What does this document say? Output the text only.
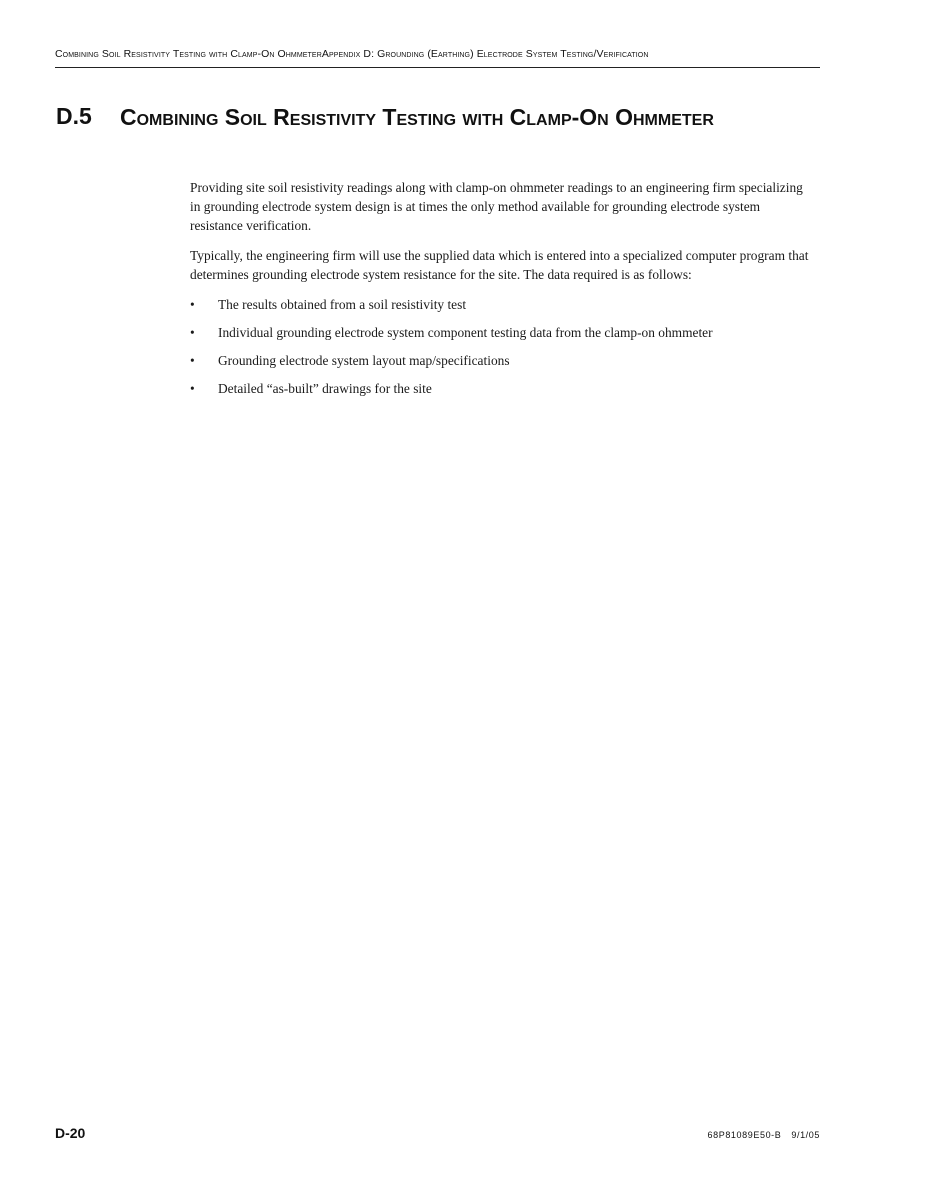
Combining Soil Resistivity Testing with Clamp-On OhmmeterAppendix D: Grounding (Earthing) Electrode System Testing/Verification
D.5 Combining Soil Resistivity Testing with Clamp-On Ohmmeter

Providing site soil resistivity readings along with clamp-on ohmmeter readings to an engineering firm specializing in grounding electrode system design is at times the only method available for grounding electrode system resistance verification.

Typically, the engineering firm will use the supplied data which is entered into a specialized computer program that determines grounding electrode system resistance for the site. The data required is as follows:

• The results obtained from a soil resistivity test
• Individual grounding electrode system component testing data from the clamp-on ohmmeter
• Grounding electrode system layout map/specifications
• Detailed “as-built” drawings for the site
D-20	68P81089E50-B 9/1/05
